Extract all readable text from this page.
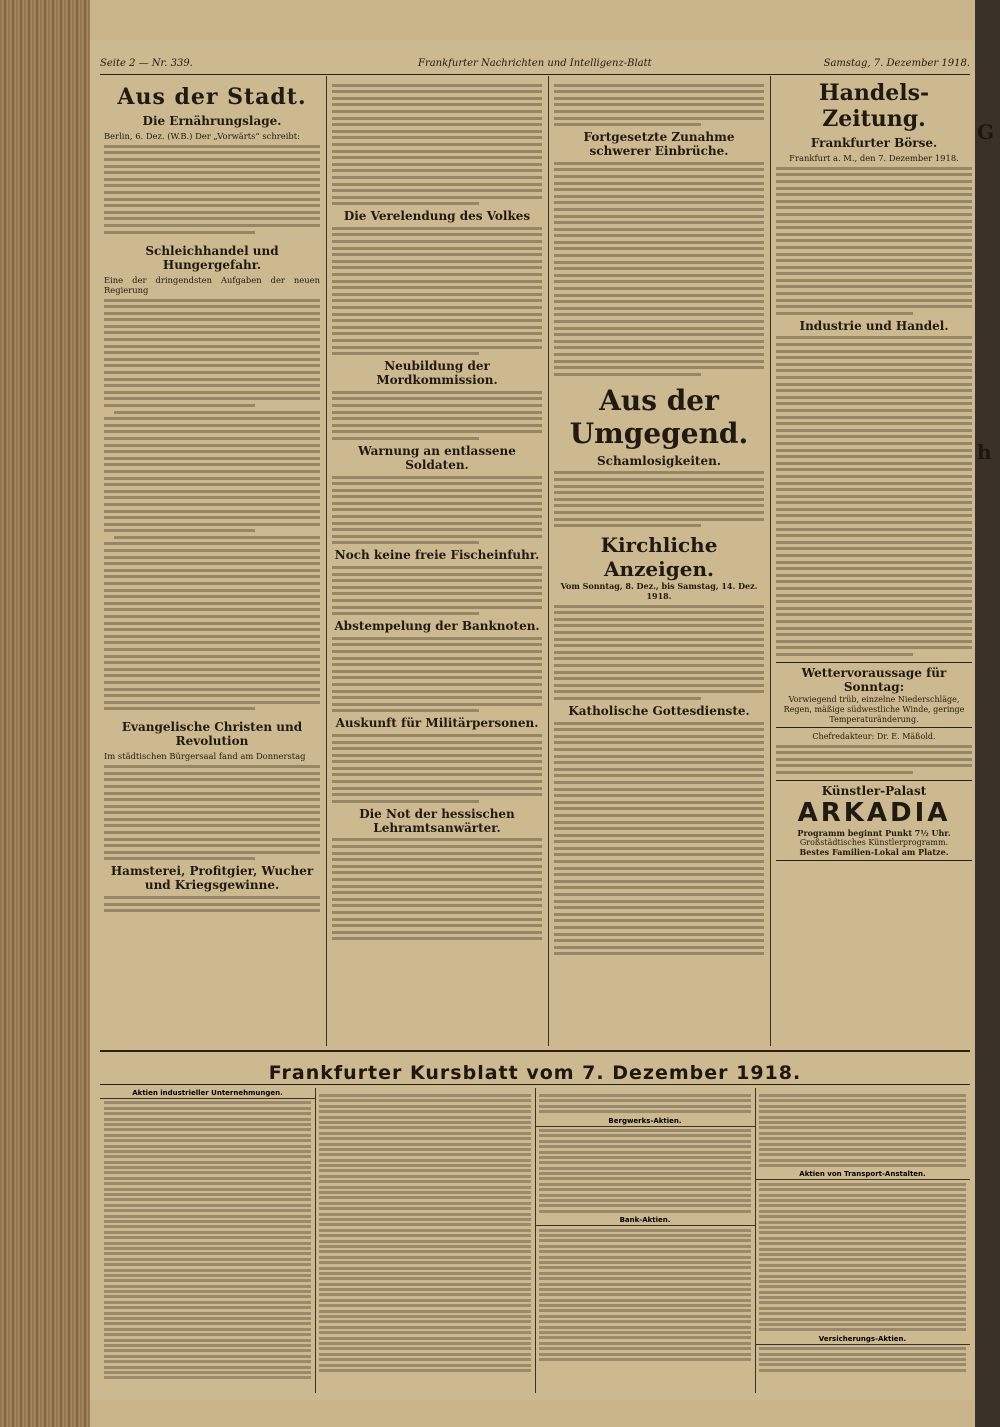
G
h
Seite 2 — Nr. 339.	Frankfurter Nachrichten und Intelligenz-Blatt	Samstag, 7. Dezember 1918.
Aus der Stadt.
Die Ernährungslage.
Berlin, 6. Dez. (W.B.) Der „Vorwärts“ schreibt:
Schleichhandel und Hungergefahr.
Eine der dringendsten Aufgaben der neuen Regierung
Evangelische Christen und Revolution
Im städtischen Bürgersaal fand am Donnerstag
Hamsterei, Profitgier, Wucher und Kriegsgewinne.
Die Verelendung des Volkes
Neubildung der Mordkommission.
Warnung an entlassene Soldaten.
Noch keine freie Fischeinfuhr.
Abstempelung der Banknoten.
Auskunft für Militärpersonen.
Die Not der hessischen Lehramtsanwärter.
Fortgesetzte Zunahme schwerer Einbrüche.
Aus der Umgegend.
Schamlosigkeiten.
Kirchliche Anzeigen.
Vom Sonntag, 8. Dez., bis Samstag, 14. Dez. 1918.
Katholische Gottesdienste.
Handels-Zeitung.
Frankfurter Börse.
Frankfurt a. M., den 7. Dezember 1918.
Industrie und Handel.
Wettervoraussage für Sonntag:
Vorwiegend trüb, einzelne Niederschläge, Regen, mäßige südwestliche Winde, geringe Temperaturänderung.
Chefredakteur: Dr. E. Mäßold.
Künstler-Palast
ARKADIA
Programm beginnt Punkt 7½ Uhr.
Großstädtisches Künstlerprogramm.
Bestes Familien-Lokal am Platze.
Frankfurter Kursblatt vom 7. Dezember 1918.
Aktien industrieller Unternehmungen.
Bergwerks-Aktien.
Bank-Aktien.
Aktien von Transport-Anstalten.
Versicherungs-Aktien.
